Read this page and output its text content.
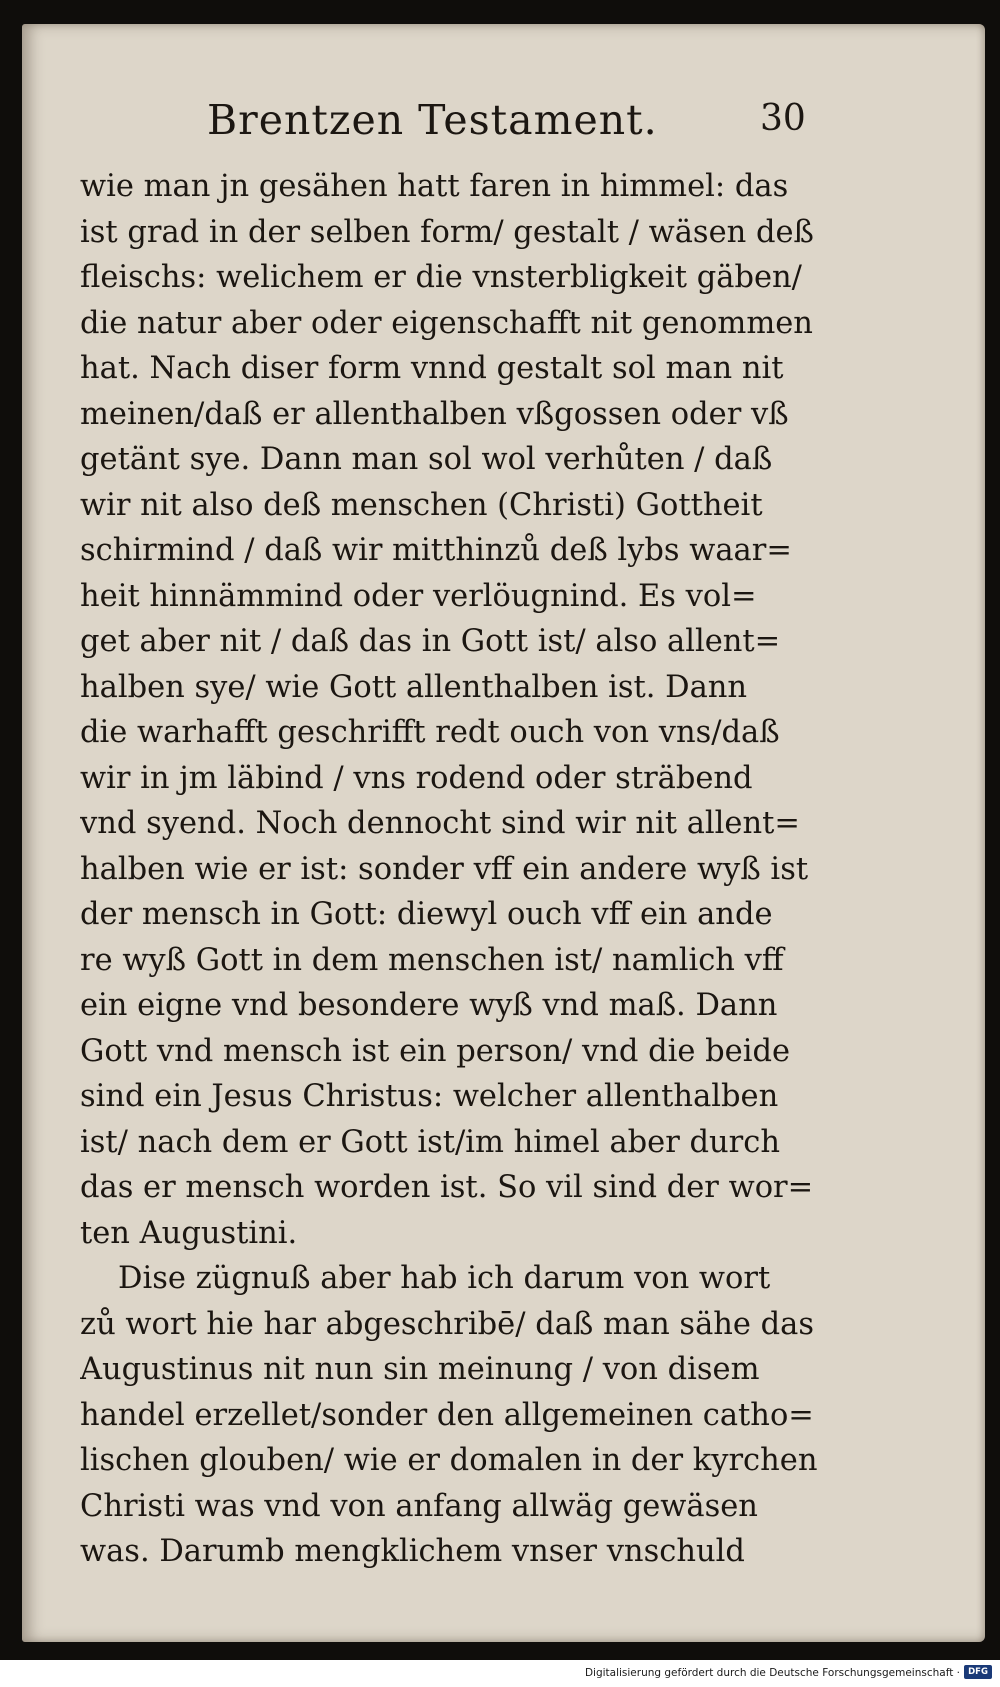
Brentzen Testament.	30
wie man jn gesähen hatt faren in himmel: das
ist grad in der selben form/ gestalt / wäsen deß
fleischs: welichem er die vnsterbligkeit gäben/
die natur aber oder eigenschafft nit genommen
hat. Nach diser form vnnd gestalt sol man nit
meinen/daß er allenthalben vßgossen oder vß
getänt sye. Dann man sol wol verhůten / daß
wir nit also deß menschen (Christi) Gottheit
schirmind / daß wir mitthinzů deß lybs waar=
heit hinnämmind oder verlöugnind. Es vol=
get aber nit / daß das in Gott ist/ also allent=
halben sye/ wie Gott allenthalben ist. Dann
die warhafft geschrifft redt ouch von vns/daß
wir in jm läbind / vns rodend oder sträbend
vnd syend. Noch dennocht sind wir nit allent=
halben wie er ist: sonder vff ein andere wyß ist
der mensch in Gott: diewyl ouch vff ein ande
re wyß Gott in dem menschen ist/ namlich vff
ein eigne vnd besondere wyß vnd maß. Dann
Gott vnd mensch ist ein person/ vnd die beide
sind ein Jesus Christus: welcher allenthalben
ist/ nach dem er Gott ist/im himel aber durch
das er mensch worden ist. So vil sind der wor=
ten Augustini.
Dise zügnuß aber hab ich darum von wort
zů wort hie har abgeschribē/ daß man sähe das
Augustinus nit nun sin meinung / von disem
handel erzellet/sonder den allgemeinen catho=
lischen glouben/ wie er domalen in der kyrchen
Christi was vnd von anfang allwäg gewäsen
was. Darumb mengklichem vnser vnschuld
Digitalisierung gefördert durch die Deutsche Forschungsgemeinschaft · DFG
